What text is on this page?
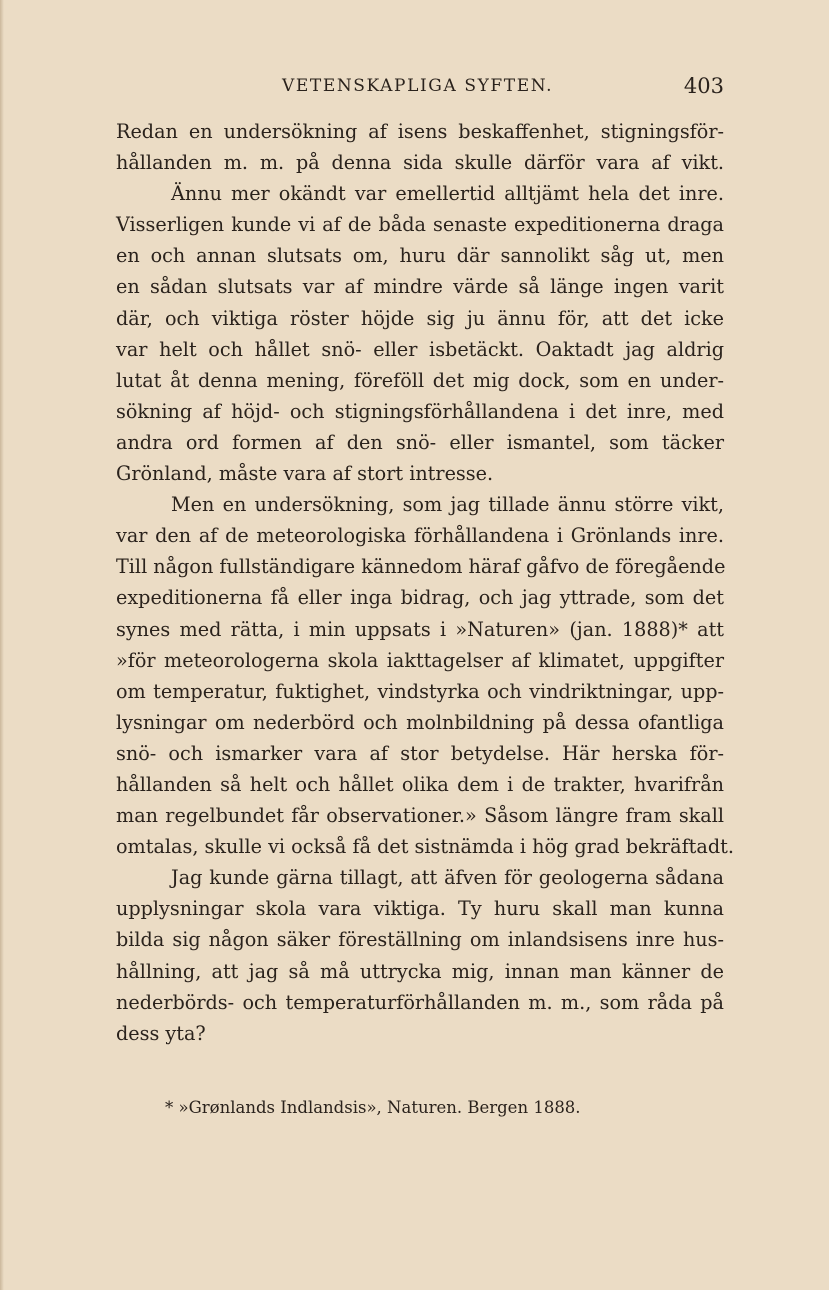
VETENSKAPLIGA SYFTEN.	403
Redan en undersökning af isens beskaffenhet, stigningsför-
hållanden m. m. på denna sida skulle därför vara af vikt.
Ännu mer okändt var emellertid alltjämt hela det inre.
Visserligen kunde vi af de båda senaste expeditionerna draga
en och annan slutsats om, huru där sannolikt såg ut, men
en sådan slutsats var af mindre värde så länge ingen varit
där, och viktiga röster höjde sig ju ännu för, att det icke
var helt och hållet snö- eller isbetäckt. Oaktadt jag aldrig
lutat åt denna mening, föreföll det mig dock, som en under-
sökning af höjd- och stigningsförhållandena i det inre, med
andra ord formen af den snö- eller ismantel, som täcker
Grönland, måste vara af stort intresse.
Men en undersökning, som jag tillade ännu större vikt,
var den af de meteorologiska förhållandena i Grönlands inre.
Till någon fullständigare kännedom häraf gåfvo de föregående
expeditionerna få eller inga bidrag, och jag yttrade, som det
synes med rätta, i min uppsats i »Naturen» (jan. 1888)* att
»för meteorologerna skola iakttagelser af klimatet, uppgifter
om temperatur, fuktighet, vindstyrka och vindriktningar, upp-
lysningar om nederbörd och molnbildning på dessa ofantliga
snö- och ismarker vara af stor betydelse. Här herska för-
hållanden så helt och hållet olika dem i de trakter, hvarifrån
man regelbundet får observationer.» Såsom längre fram skall
omtalas, skulle vi också få det sistnämda i hög grad bekräftadt.
Jag kunde gärna tillagt, att äfven för geologerna sådana
upplysningar skola vara viktiga. Ty huru skall man kunna
bilda sig någon säker föreställning om inlandsisens inre hus-
hållning, att jag så må uttrycka mig, innan man känner de
nederbörds- och temperaturförhållanden m. m., som råda på
dess yta?
* »Grønlands Indlandsis», Naturen. Bergen 1888.
